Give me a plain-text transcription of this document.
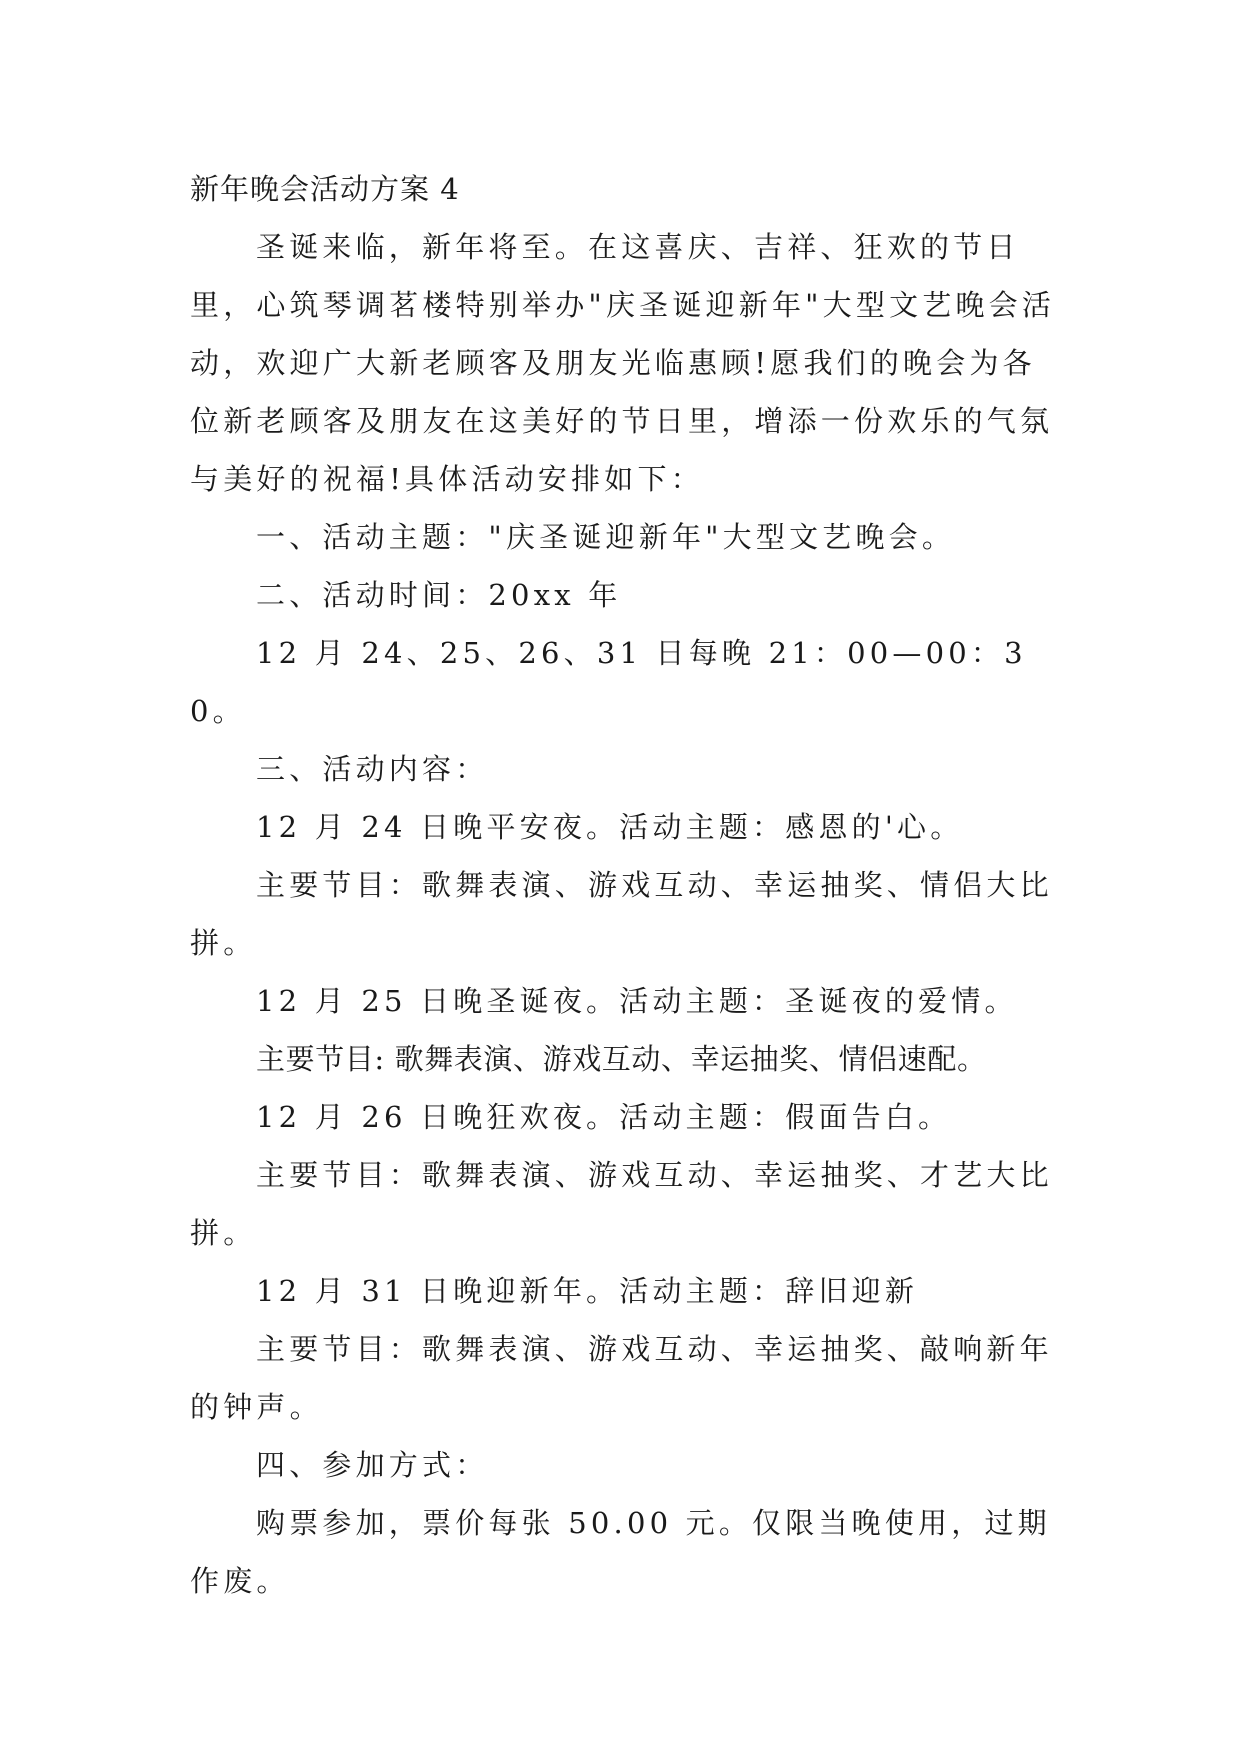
新年晚会活动方案 4

圣诞来临，新年将至。在这喜庆、吉祥、狂欢的节日里，心筑琴调茗楼特别举办"庆圣诞迎新年"大型文艺晚会活动，欢迎广大新老顾客及朋友光临惠顾!愿我们的晚会为各位新老顾客及朋友在这美好的节日里，增添一份欢乐的气氛与美好的祝福!具体活动安排如下：

一、活动主题："庆圣诞迎新年"大型文艺晚会。

二、活动时间：20xx 年

12 月 24、25、26、31 日每晚 21：00—00：30。

三、活动内容：

12 月 24 日晚平安夜。活动主题：感恩的'心。

主要节目：歌舞表演、游戏互动、幸运抽奖、情侣大比拼。

12 月 25 日晚圣诞夜。活动主题：圣诞夜的爱情。

主要节目: 歌舞表演、游戏互动、幸运抽奖、情侣速配。

12 月 26 日晚狂欢夜。活动主题：假面告白。

主要节目：歌舞表演、游戏互动、幸运抽奖、才艺大比拼。

12 月 31 日晚迎新年。活动主题：辞旧迎新

主要节目：歌舞表演、游戏互动、幸运抽奖、敲响新年的钟声。

四、参加方式：

购票参加，票价每张 50.00 元。仅限当晚使用，过期作废。
